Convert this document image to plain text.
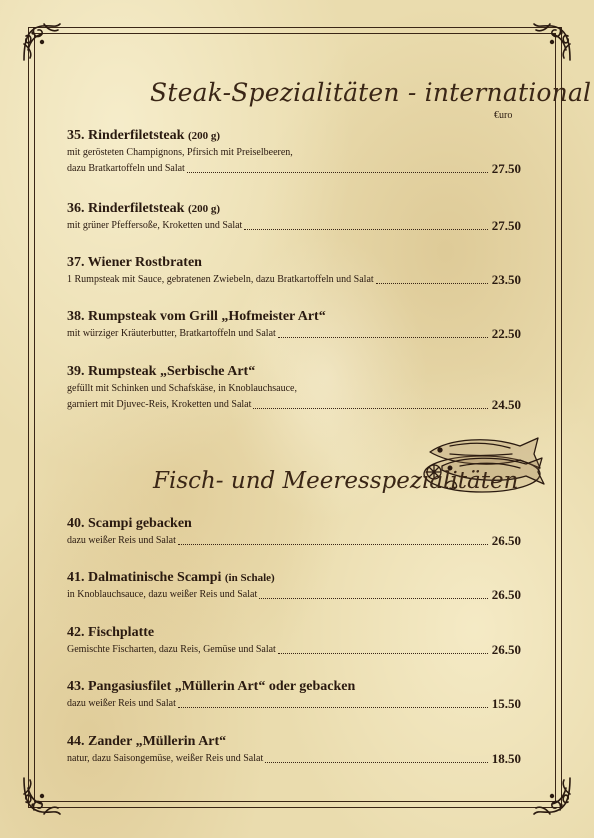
Steak-Spezialitäten - international
€uro
35. Rinderfiletsteak (200 g)
mit gerösteten Champignons, Pfirsich mit Preiselbeeren,
dazu Bratkartoffeln und Salat	27.50
36. Rinderfiletsteak (200 g)
mit grüner Pfeffersoße, Kroketten und Salat	27.50
37. Wiener Rostbraten
1 Rumpsteak mit Sauce, gebratenen Zwiebeln, dazu Bratkartoffeln und Salat	23.50
38. Rumpsteak vom Grill „Hofmeister Art“
mit würziger Kräuterbutter, Bratkartoffeln und Salat	22.50
39. Rumpsteak „Serbische Art“
gefüllt mit Schinken und Schafskäse, in Knoblauchsauce,
garniert mit Djuvec-Reis, Kroketten und Salat	24.50
Fisch- und Meeresspezialitäten
40. Scampi gebacken
dazu weißer Reis und Salat	26.50
41. Dalmatinische Scampi (in Schale)
in Knoblauchsauce, dazu weißer Reis und Salat	26.50
42. Fischplatte
Gemischte Fischarten, dazu Reis, Gemüse und Salat	26.50
43. Pangasiusfilet „Müllerin Art“ oder gebacken
dazu weißer Reis und Salat	15.50
44. Zander „Müllerin Art“
natur, dazu Saisongemüse, weißer Reis und Salat	18.50
